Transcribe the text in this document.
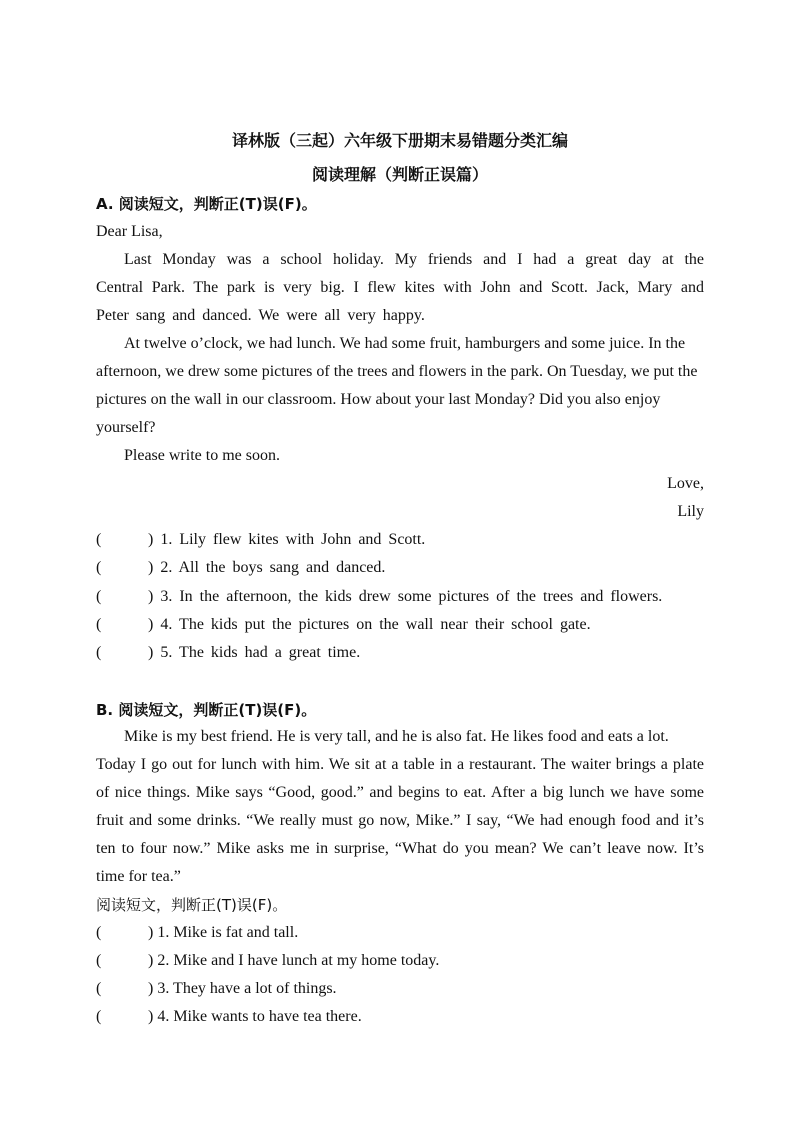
译林版（三起）六年级下册期末易错题分类汇编
阅读理解（判断正误篇）
A. 阅读短文，判断正(T)误(F)。
Dear Lisa,
Last Monday was a school holiday. My friends and I had a great day at the
Central Park. The park is very big. I flew kites with John and Scott. Jack, Mary and
Peter sang and danced. We were all very happy.
At twelve o’clock, we had lunch. We had some fruit, hamburgers and some juice. In the
afternoon, we drew some pictures of the trees and flowers in the park. On Tuesday, we put the
pictures on the wall in our classroom. How about your last Monday? Did you also enjoy
yourself?
Please write to me soon.
Love,
Lily
(	) 1. Lily flew kites with John and Scott.
(	) 2. All the boys sang and danced.
(	) 3. In the afternoon, the kids drew some pictures of the trees and flowers.
(	) 4. The kids put the pictures on the wall near their school gate.
(	) 5. The kids had a great time.
B. 阅读短文，判断正(T)误(F)。
Mike is my best friend. He is very tall, and he is also fat. He likes food and eats a lot.
Today I go out for lunch with him. We sit at a table in a restaurant. The waiter brings a plate
of nice things. Mike says “Good, good.” and begins to eat. After a big lunch we have some
fruit and some drinks. “We really must go now, Mike.” I say, “We had enough food and it’s
ten to four now.” Mike asks me in surprise, “What do you mean? We can’t leave now. It’s
time for tea.”
阅读短文，判断正(T)误(F)。
(	) 1. Mike is fat and tall.
(	) 2. Mike and I have lunch at my home today.
(	) 3. They have a lot of things.
(	) 4. Mike wants to have tea there.
